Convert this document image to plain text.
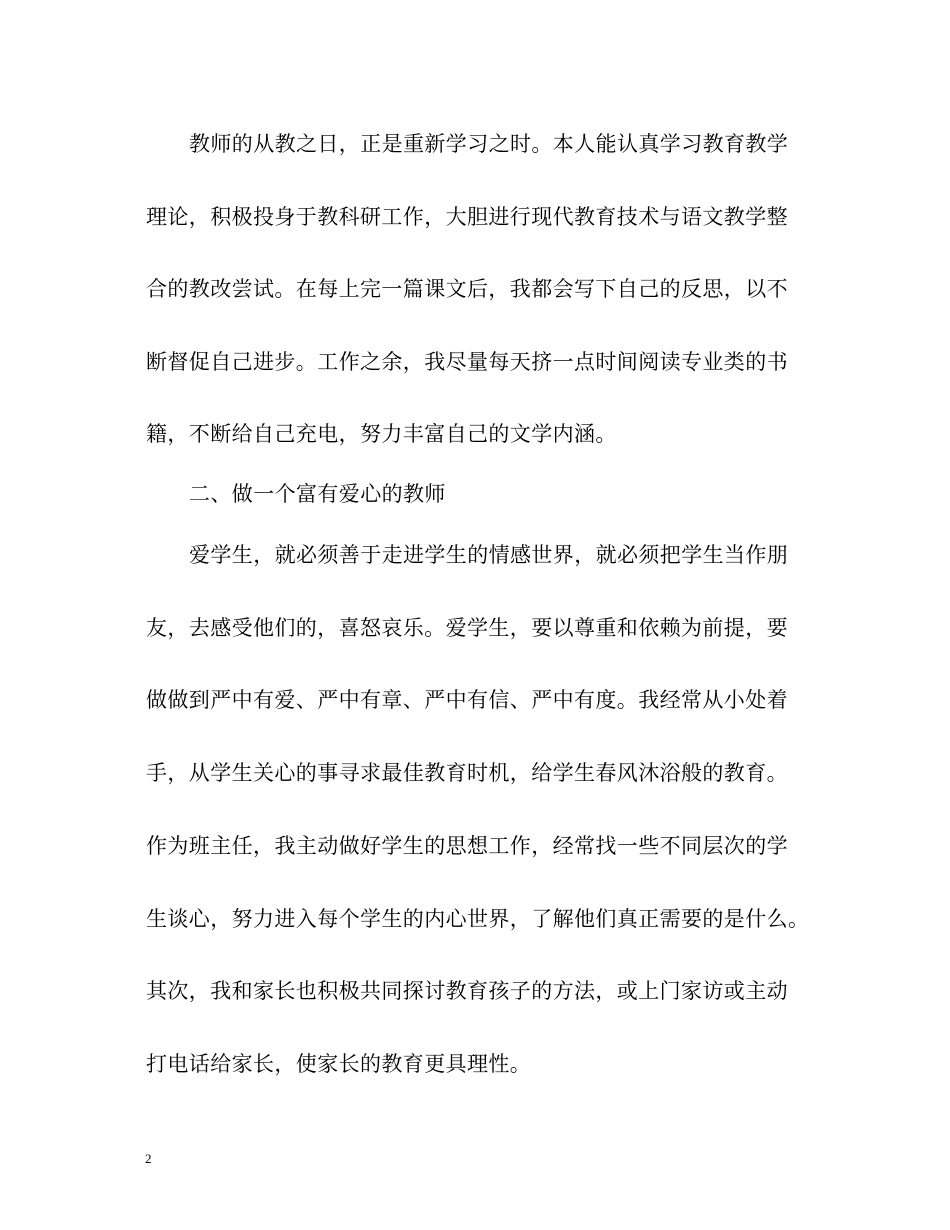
教师的从教之日，正是重新学习之时。本人能认真学习教育教学
理论，积极投身于教科研工作，大胆进行现代教育技术与语文教学整
合的教改尝试。在每上完一篇课文后，我都会写下自己的反思，以不
断督促自己进步。工作之余，我尽量每天挤一点时间阅读专业类的书
籍，不断给自己充电，努力丰富自己的文学内涵。
二、做一个富有爱心的教师
爱学生，就必须善于走进学生的情感世界，就必须把学生当作朋
友，去感受他们的，喜怒哀乐。爱学生，要以尊重和依赖为前提，要
做做到严中有爱、严中有章、严中有信、严中有度。我经常从小处着
手，从学生关心的事寻求最佳教育时机，给学生春风沐浴般的教育。
作为班主任，我主动做好学生的思想工作，经常找一些不同层次的学
生谈心，努力进入每个学生的内心世界，了解他们真正需要的是什么。
其次，我和家长也积极共同探讨教育孩子的方法，或上门家访或主动
打电话给家长，使家长的教育更具理性。
2
